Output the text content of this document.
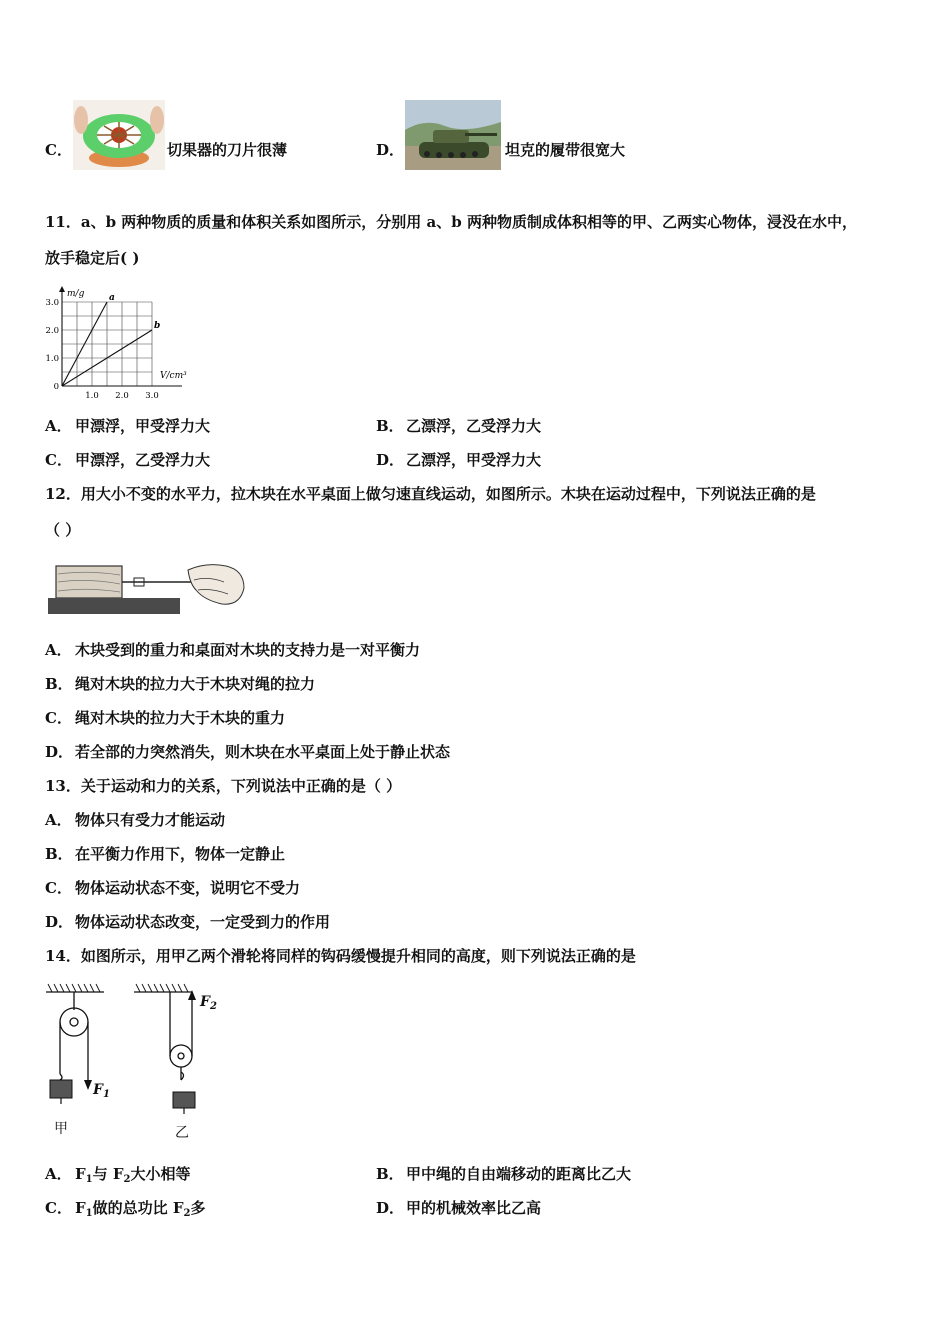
C．	切果器的刀片很薄	D．	坦克的履带很宽大
11．a、b 两种物质的质量和体积关系如图所示，分别用 a、b 两种物质制成体积相等的甲、乙两实心物体，浸没在水中，
放手稳定后( )
m/g
V/cm³
1.0 2.0 3.0
0
1.0
2.0
3.0	a
b
A． 甲漂浮，甲受浮力大	B． 乙漂浮，乙受浮力大
C． 甲漂浮，乙受浮力大	D． 乙漂浮，甲受浮力大
12．用大小不变的水平力，拉木块在水平桌面上做匀速直线运动，如图所示。木块在运动过程中，下列说法正确的是
（ ）
A． 木块受到的重力和桌面对木块的支持力是一对平衡力
B． 绳对木块的拉力大于木块对绳的拉力
C． 绳对木块的拉力大于木块的重力
D． 若全部的力突然消失，则木块在水平桌面上处于静止状态
13．关于运动和力的关系，下列说法中正确的是（ ）
A． 物体只有受力才能运动
B． 在平衡力作用下，物体一定静止
C． 物体运动状态不变，说明它不受力
D． 物体运动状态改变，一定受到力的作用
14．如图所示，用甲乙两个滑轮将同样的钩码缓慢提升相同的高度，则下列说法正确的是
$F_1$
$F_2$
甲	乙
A． $F_1$与 $F_2$大小相等	B． 甲中绳的自由端移动的距离比乙大
C． $F_1$做的总功比 $F_2$多	D． 甲的机械效率比乙高
